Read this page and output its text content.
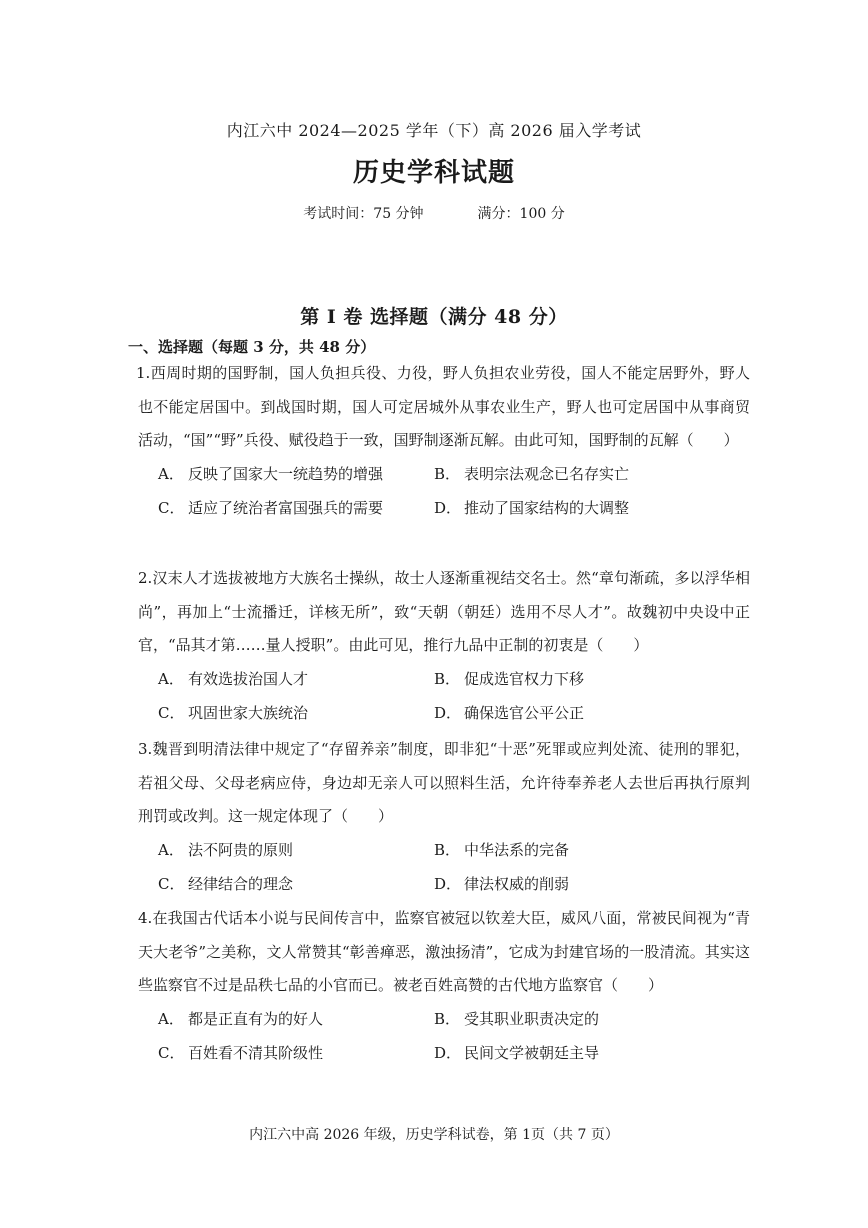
内江六中 2024—2025 学年（下）高 2026 届入学考试
历史学科试题
考试时间：75 分钟	满分：100 分
第 I 卷 选择题（满分 48 分）
一、选择题（每题 3 分，共 48 分）
1.西周时期的国野制，国人负担兵役、力役，野人负担农业劳役，国人不能定居野外，野人也不能定居国中。到战国时期，国人可定居城外从事农业生产，野人也可定居国中从事商贸活动，“国”“野”兵役、赋役趋于一致，国野制逐渐瓦解。由此可知，国野制的瓦解（　　）
A． 反映了国家大一统趋势的增强	B． 表明宗法观念已名存实亡
C． 适应了统治者富国强兵的需要	D． 推动了国家结构的大调整
2.汉末人才选拔被地方大族名士操纵，故士人逐渐重视结交名士。然“章句渐疏，多以浮华相尚”，再加上“士流播迁，详核无所”，致“天朝（朝廷）选用不尽人才”。故魏初中央设中正官，“品其才第……量人授职”。由此可见，推行九品中正制的初衷是（　　）
A． 有效选拔治国人才	B． 促成选官权力下移
C． 巩固世家大族统治	D． 确保选官公平公正
3.魏晋到明清法律中规定了“存留养亲”制度，即非犯“十恶”死罪或应判处流、徒刑的罪犯，若祖父母、父母老病应侍，身边却无亲人可以照料生活，允许待奉养老人去世后再执行原判刑罚或改判。这一规定体现了（　　）
A． 法不阿贵的原则	B． 中华法系的完备
C． 经律结合的理念	D． 律法权威的削弱
4.在我国古代话本小说与民间传言中，监察官被冠以钦差大臣，威风八面，常被民间视为“青天大老爷”之美称，文人常赞其“彰善瘅恶，激浊扬清”，它成为封建官场的一股清流。其实这些监察官不过是品秩七品的小官而已。被老百姓高赞的古代地方监察官（　　）
A． 都是正直有为的好人	B． 受其职业职责决定的
C． 百姓看不清其阶级性	D． 民间文学被朝廷主导
内江六中高 2026 年级，历史学科试卷，第 1页（共 7 页）
